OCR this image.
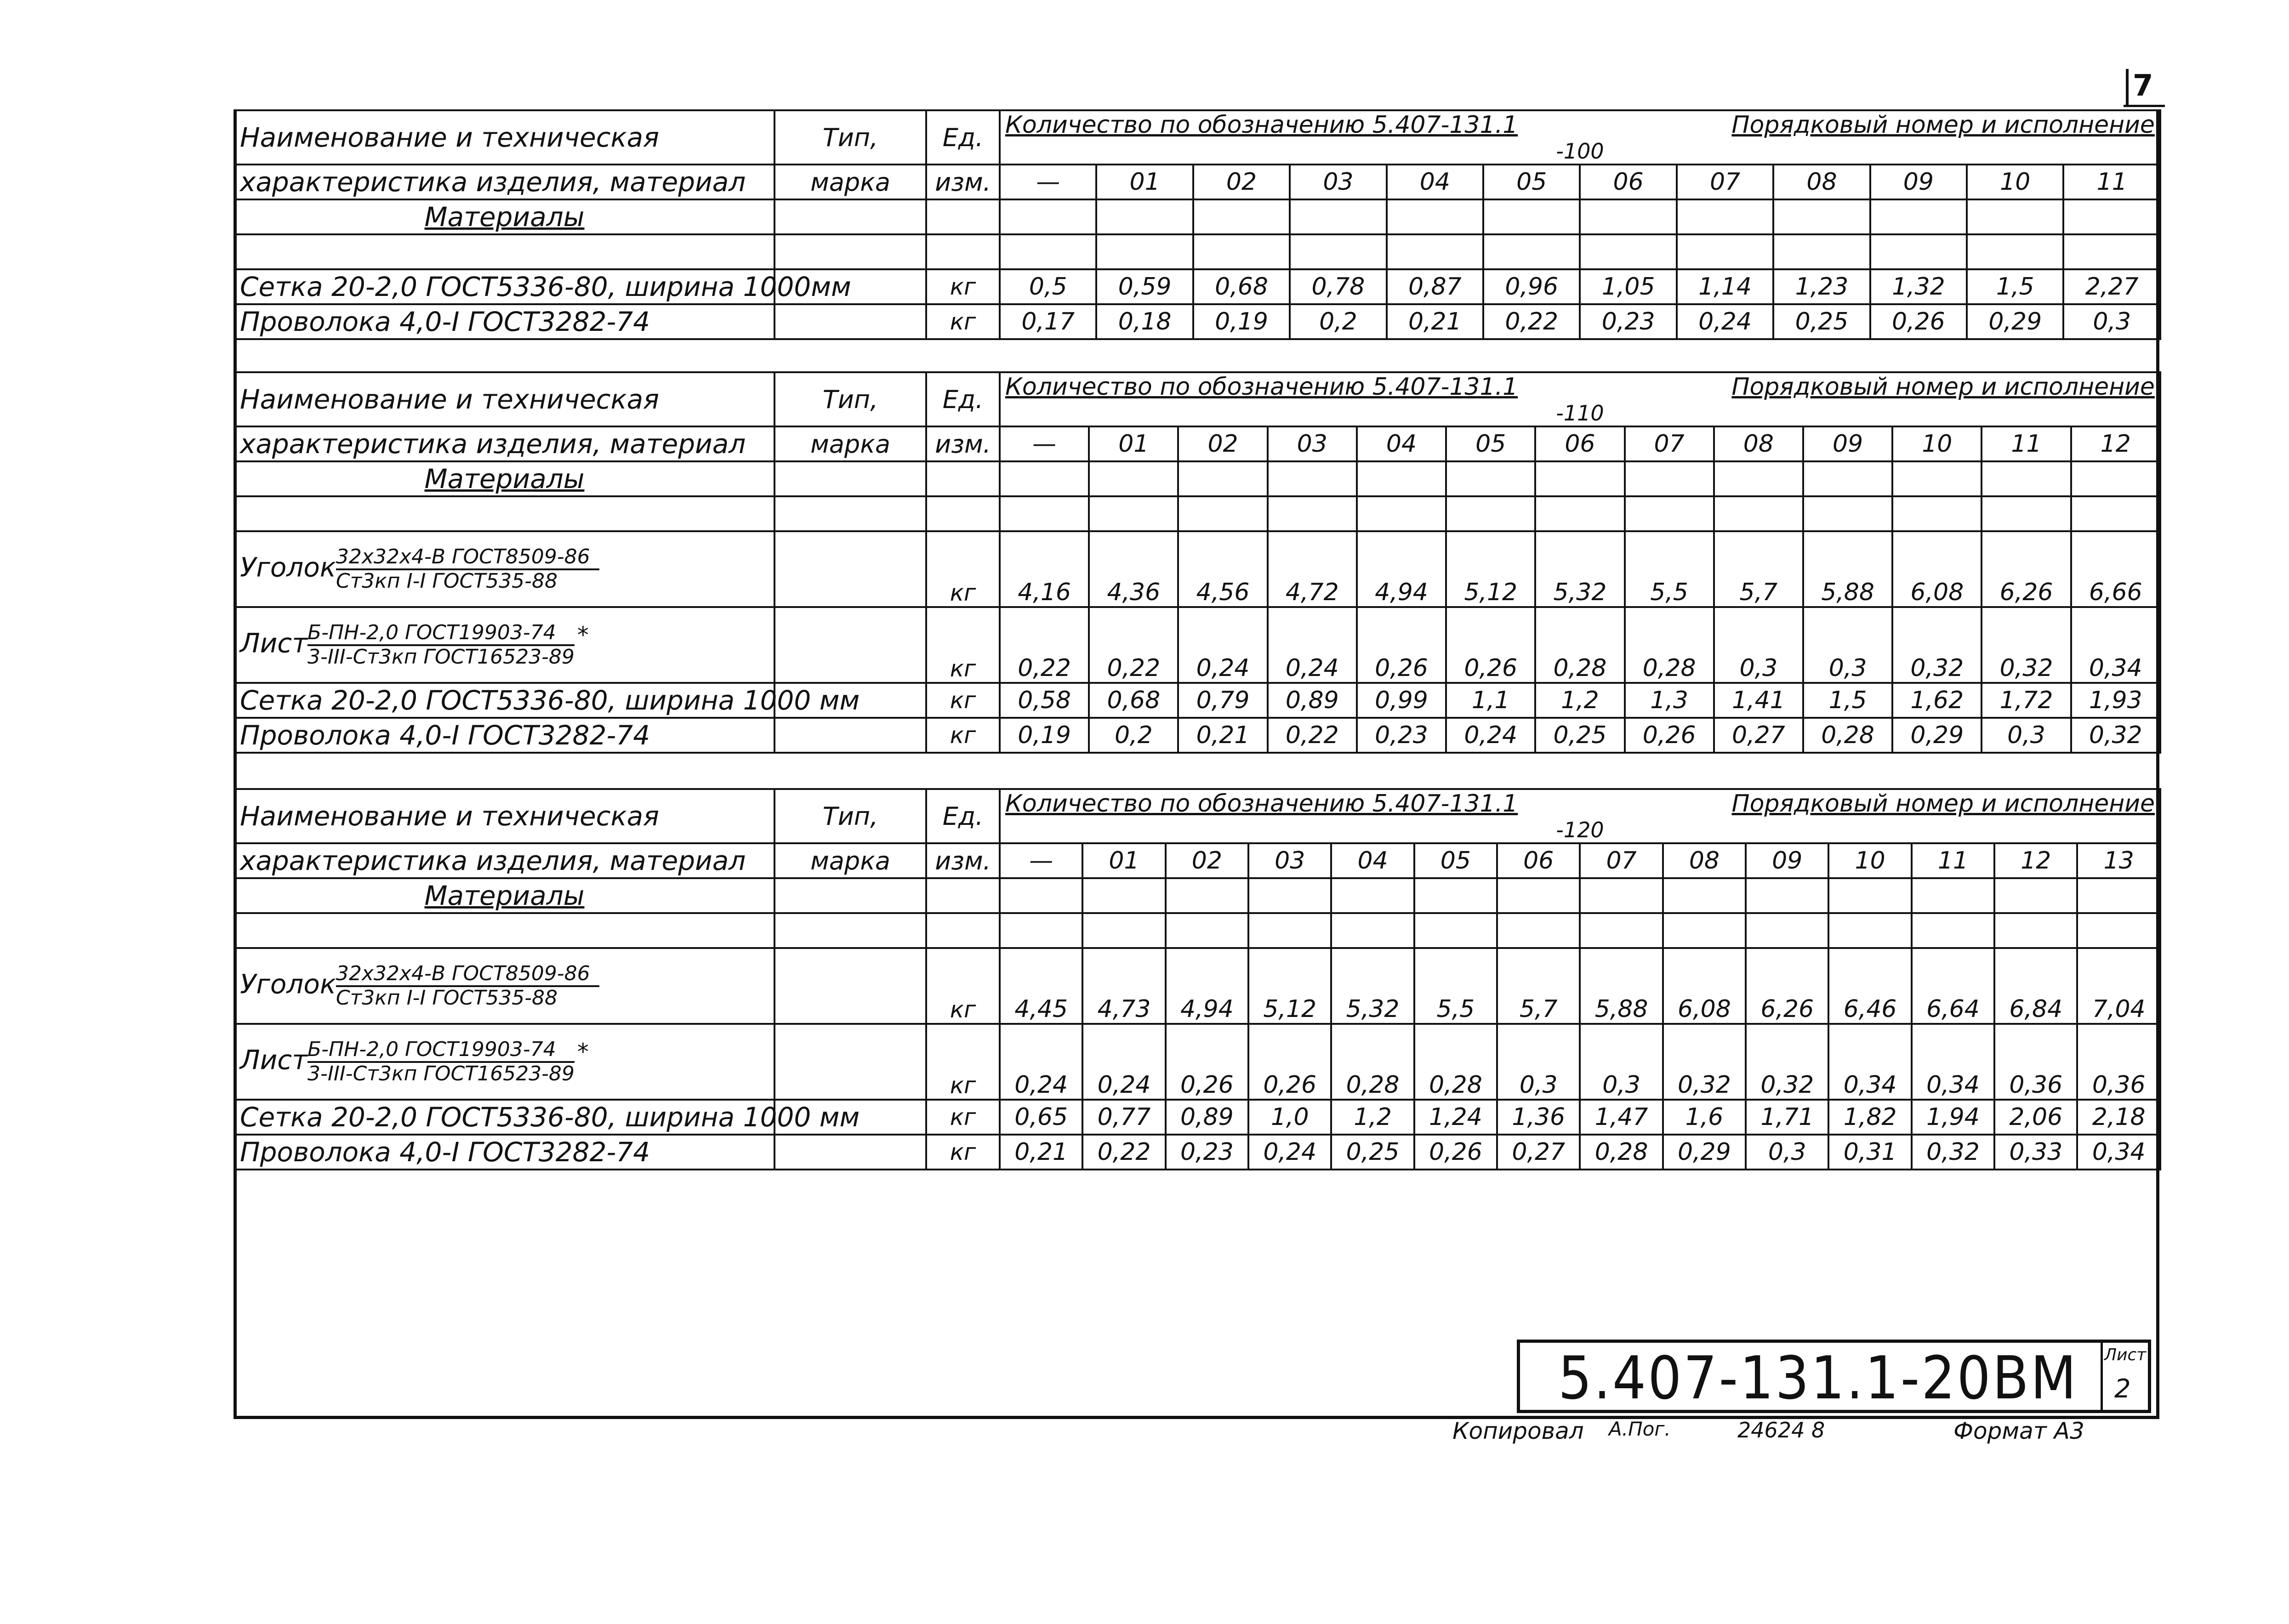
7
Наименование и техническая	Тип,	Ед.	Количество по обозначению 5.407-131.1 Порядковый номер и исполнение
-100											

характеристика изделия, материал	марка	изм.	—	01	02	03	04	05	06	07	08	09	10	11
Материалы														

Сетка 20-2,0 ГОСТ5336-80, ширина 1000мм		кг	0,5	0,59	0,68	0,78	0,87	0,96	1,05	1,14	1,23	1,32	1,5	2,27
Проволока 4,0-I ГОСТ3282-74		кг	0,17	0,18	0,19	0,2	0,21	0,22	0,23	0,24	0,25	0,26	0,29	0,3
Наименование и техническая	Тип,	Ед.	Количество по обозначению 5.407-131.1 Порядковый номер и исполнение
-110												

характеристика изделия, материал	марка	изм.	—	01	02	03	04	05	06	07	08	09	10	11	12
Материалы															

Уголок $\frac{\text{32x32x4-В ГОСТ8509-86}}{\text{Ст3кп I-I ГОСТ535-88}}$		кг	4,16	4,36	4,56	4,72	4,94	5,12	5,32	5,5	5,7	5,88	6,08	6,26	6,66
Лист $\frac{\text{Б-ПН-2,0 ГОСТ19903-74}}{\text{3-III-Ст3кп ГОСТ16523-89}}$ *		кг	0,22	0,22	0,24	0,24	0,26	0,26	0,28	0,28	0,3	0,3	0,32	0,32	0,34
Сетка 20-2,0 ГОСТ5336-80, ширина 1000 мм		кг	0,58	0,68	0,79	0,89	0,99	1,1	1,2	1,3	1,41	1,5	1,62	1,72	1,93
Проволока 4,0-I ГОСТ3282-74		кг	0,19	0,2	0,21	0,22	0,23	0,24	0,25	0,26	0,27	0,28	0,29	0,3	0,32
Наименование и техническая	Тип,	Ед.	Количество по обозначению 5.407-131.1 Порядковый номер и исполнение
-120													

характеристика изделия, материал	марка	изм.	—	01	02	03	04	05	06	07	08	09	10	11	12	13
Материалы																

Уголок $\frac{\text{32x32x4-В ГОСТ8509-86}}{\text{Ст3кп I-I ГОСТ535-88}}$		кг	4,45	4,73	4,94	5,12	5,32	5,5	5,7	5,88	6,08	6,26	6,46	6,64	6,84	7,04
Лист $\frac{\text{Б-ПН-2,0 ГОСТ19903-74}}{\text{3-III-Ст3кп ГОСТ16523-89}}$ *		кг	0,24	0,24	0,26	0,26	0,28	0,28	0,3	0,3	0,32	0,32	0,34	0,34	0,36	0,36
Сетка 20-2,0 ГОСТ5336-80, ширина 1000 мм		кг	0,65	0,77	0,89	1,0	1,2	1,24	1,36	1,47	1,6	1,71	1,82	1,94	2,06	2,18
Проволока 4,0-I ГОСТ3282-74		кг	0,21	0,22	0,23	0,24	0,25	0,26	0,27	0,28	0,29	0,3	0,31	0,32	0,33	0,34
5.407-131.1-20ВМ Лист
2
Копировал А.Пог.	24624 8	Формат А3
